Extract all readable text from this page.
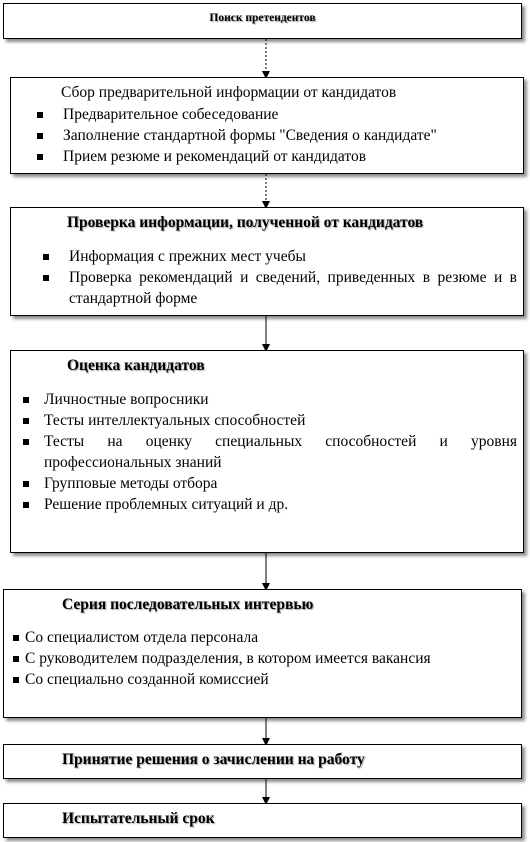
Поиск претендентов
Сбор предварительной информации от кандидатов
Предварительное собеседование
Заполнение стандартной формы "Сведения о кандидате"
Прием резюме и рекомендаций от кандидатов
Проверка информации, полученной от кандидатов
Информация с прежних мест учебы
Проверка рекомендаций и сведений, приведенных в резюме и в стандартной форме
Оценка кандидатов
Личностные вопросники
Тесты интеллектуальных способностей
Тесты на оценку специальных способностей и уровня профессиональных знаний
Групповые методы отбора
Решение проблемных ситуаций и др.
Серия последовательных интервью
Со специалистом отдела персонала
С руководителем подразделения, в котором имеется вакансия
Со специально созданной комиссией
Принятие решения о зачислении на работу
Испытательный срок
